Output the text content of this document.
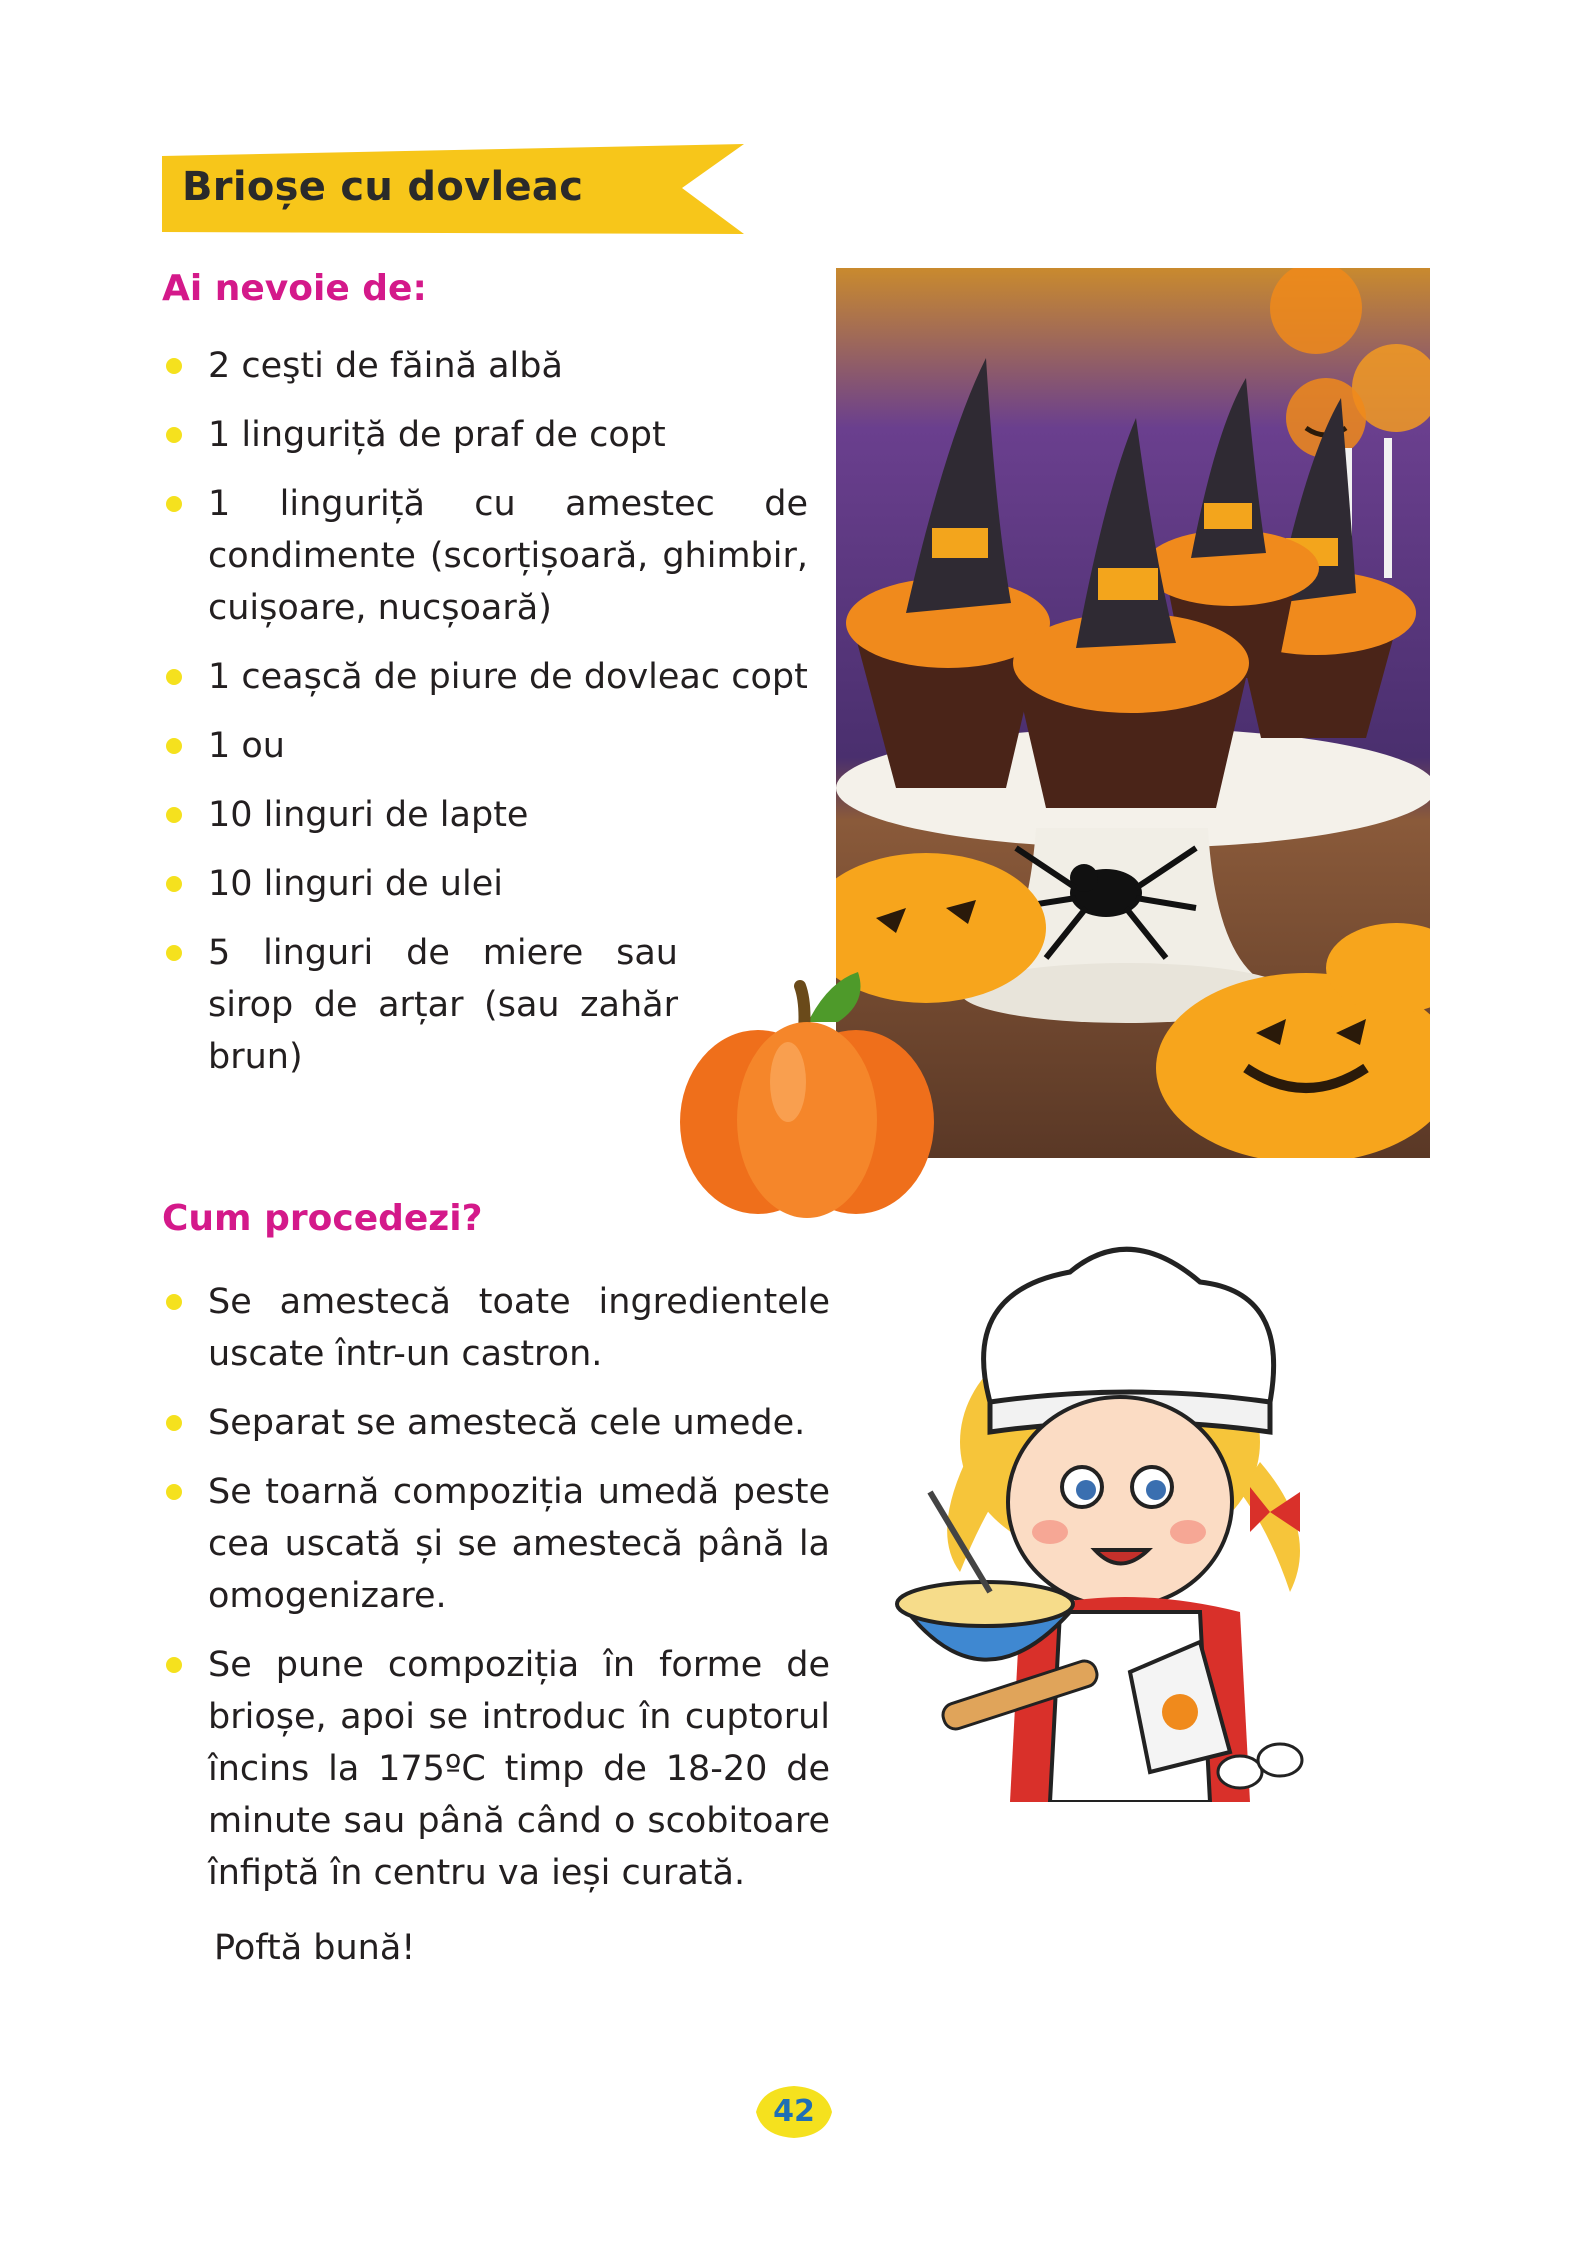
Brioșe cu dovleac
Ai nevoie de:
2 ceşti de făină albă
1 linguriță de praf de copt
1 linguriță cu amestec de condimente (scorțișoară, ghimbir, cuișoare, nucșoară)
1 ceașcă de piure de dovleac copt
1 ou
10 linguri de lapte
10 linguri de ulei
5 linguri de miere sau sirop de arțar (sau zahăr brun)
Cum procedezi?
Se amestecă toate ingredientele uscate într-un castron.
Separat se amestecă cele umede.
Se toarnă compoziția umedă peste cea uscată și se amestecă până la omogenizare.
Se pune compoziția în forme de brioșe, apoi se introduc în cuptorul încins la 175ºC timp de 18-20 de minute sau până când o scobitoare înfiptă în centru va ieși curată.
Poftă bună!
42
